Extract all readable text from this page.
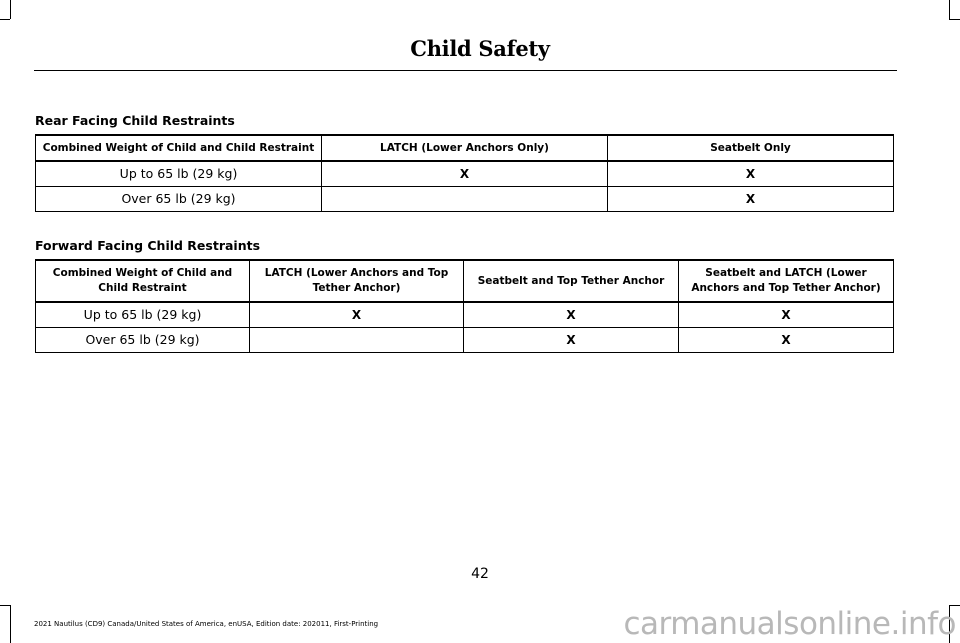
Child Safety
Rear Facing Child Restraints
Combined Weight of Child and Child Restraint	LATCH (Lower Anchors Only)	Seatbelt Only
Up to 65 lb (29 kg)	X	X
Over 65 lb (29 kg)		X
Forward Facing Child Restraints
Combined Weight of Child and Child Restraint	LATCH (Lower Anchors and Top Tether Anchor)	Seatbelt and Top Tether Anchor	Seatbelt and LATCH (Lower Anchors and Top Tether Anchor)
Up to 65 lb (29 kg)	X	X	X
Over 65 lb (29 kg)		X	X
42
2021 Nautilus (CD9) Canada/United States of America, enUSA, Edition date: 202011, First-Printing	carmanualsonline.info
